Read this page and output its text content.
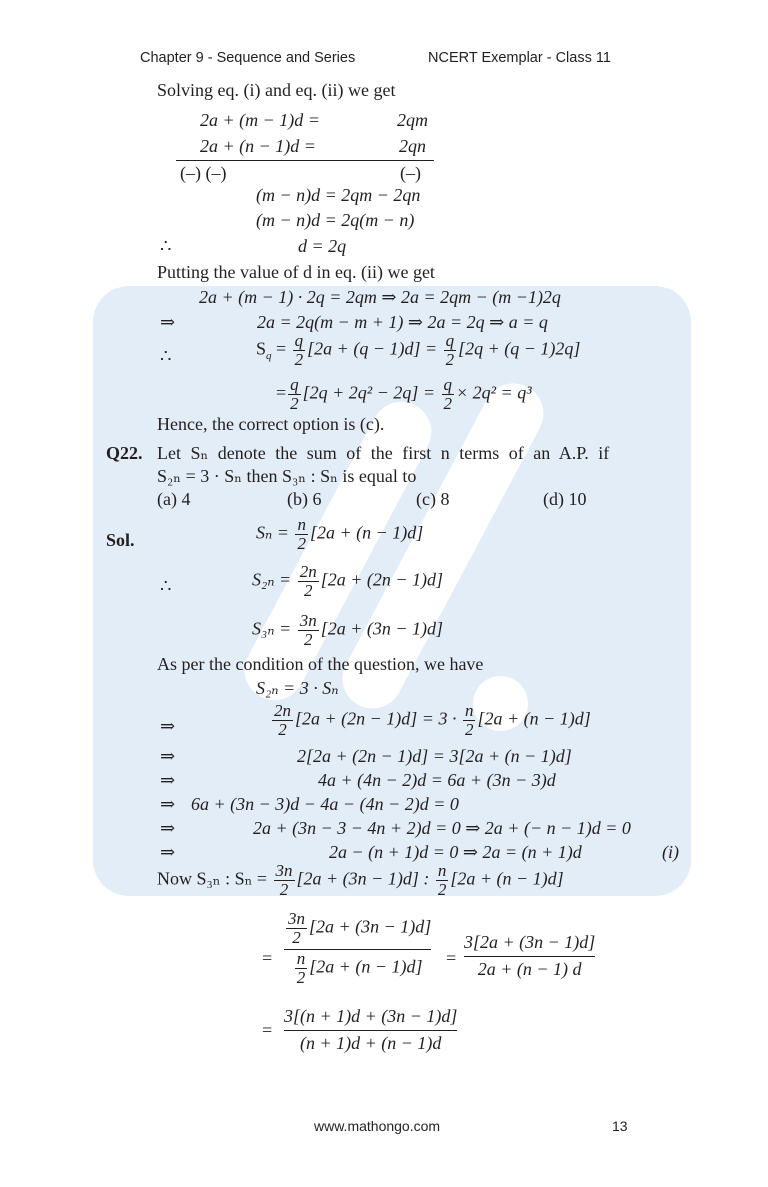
Chapter 9 - Sequence and Series	NCERT Exemplar - Class 11
Solving eq. (i) and eq. (ii) we get
2a + (m − 1)d =	2qm
2a + (n − 1)d =	2qn
(–) (–)	(–)
(m − n)d = 2qm − 2qn
(m − n)d = 2q(m − n)
∴	d = 2q
Putting the value of d in eq. (ii) we get
2a + (m − 1) · 2q = 2qm ⇒ 2a = 2qm − (m −1)2q
⇒	2a = 2q(m − m + 1) ⇒ 2a = 2q ⇒ a = q
∴	$S_q = \frac{q}{2} [2a + (q - 1)d] = \frac{q}{2} [2q + (q - 1)2q]$
= $\frac{q}{2} [2q + 2q^2 - 2q] = \frac{q}{2} \times 2q^2 = q^3$
Hence, the correct option is (c).
Q22. Let Sₙ denote the sum of the first n terms of an A.P. if
S₂ₙ = 3 · Sₙ then S₃ₙ : Sₙ is equal to
(a) 4	(b) 6	(c) 8	(d) 10
Sol.	$S_n = \frac{n}{2} [2a + (n - 1)d]$
∴	$S_{2n} = \frac{2n}{2} [2a + (2n - 1)d]$
$S_{3n} = \frac{3n}{2} [2a + (3n - 1)d]$
As per the condition of the question, we have
S₂ₙ = 3 · Sₙ
⇒	$\frac{2n}{2} [2a + (2n - 1)d] = 3 \cdot \frac{n}{2} [2a + (n - 1)d]$
⇒	2[2a + (2n − 1)d] = 3[2a + (n − 1)d]
⇒	4a + (4n − 2)d = 6a + (3n − 3)d
⇒ 6a + (3n − 3)d − 4a − (4n − 2)d = 0
⇒	2a + (3n − 3 − 4n + 2)d = 0 ⇒ 2a + (− n − 1)d = 0
⇒	2a − (n + 1)d = 0 ⇒ 2a = (n + 1)d	(i)
Now S₃ₙ : $S_n = \frac{3n}{2} [2a + (3n - 1)d]$ : $\frac{n}{2} [2a + (n - 1)d]$
= $\frac{\frac{3n}{2} [2a + (3n - 1)d]}{\frac{n}{2} [2a + (n - 1)d]} = \frac{3[2a + (3n - 1)d]}{2a + (n - 1) d}$
= $\frac{3[(n + 1)d + (3n - 1)d]}{(n + 1)d + (n - 1)d}$
www.mathongo.com	13
